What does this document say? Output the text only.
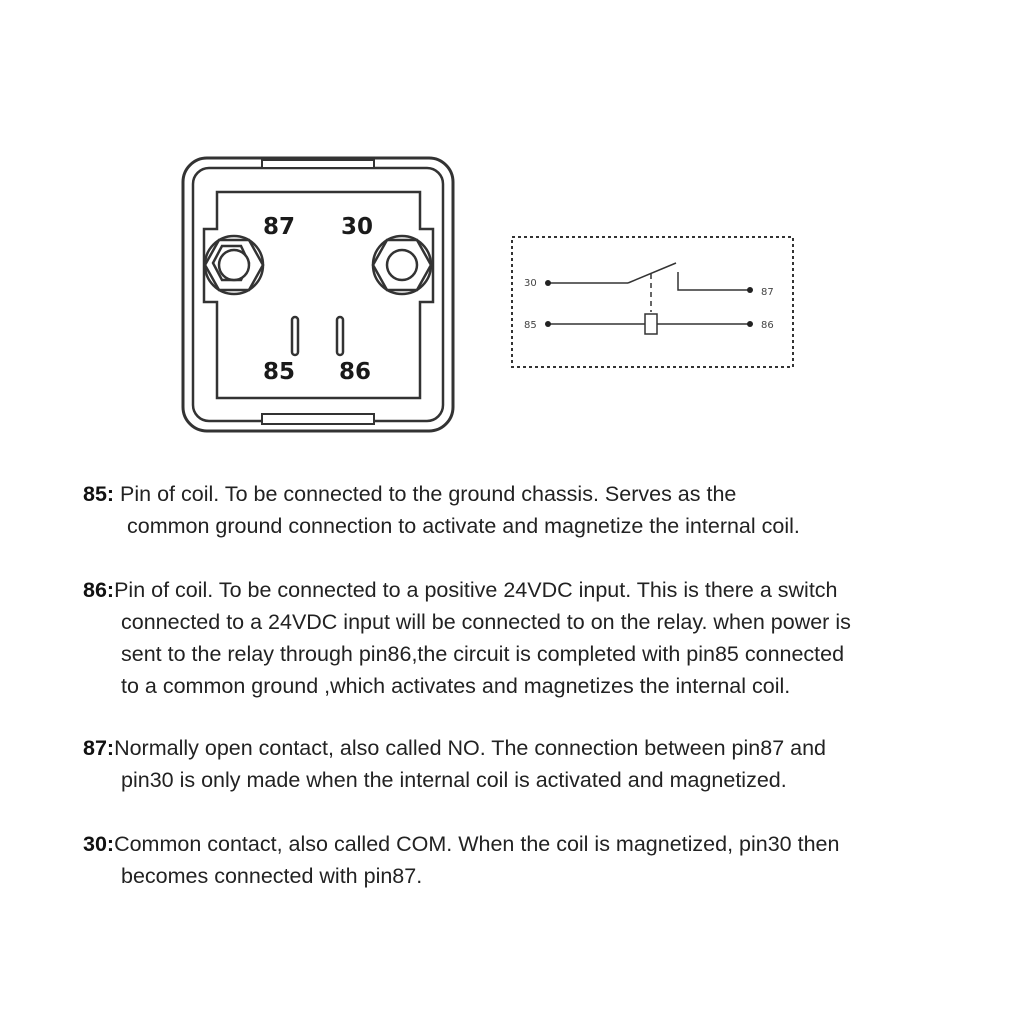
87 30
85 86
30
87
85	86
85: Pin of coil. To be connected to the ground chassis. Serves as the
common ground connection to activate and magnetize the internal coil.
86:Pin of coil. To be connected to a positive 24VDC input. This is there a switch
connected to a 24VDC input will be connected to on the relay. when power is
sent to the relay through pin86,the circuit is completed with pin85 connected
to a common ground ,which activates and magnetizes the internal coil.
87:Normally open contact, also called NO. The connection between pin87 and
pin30 is only made when the internal coil is activated and magnetized.
30:Common contact, also called COM. When the coil is magnetized, pin30 then
becomes connected with pin87.
